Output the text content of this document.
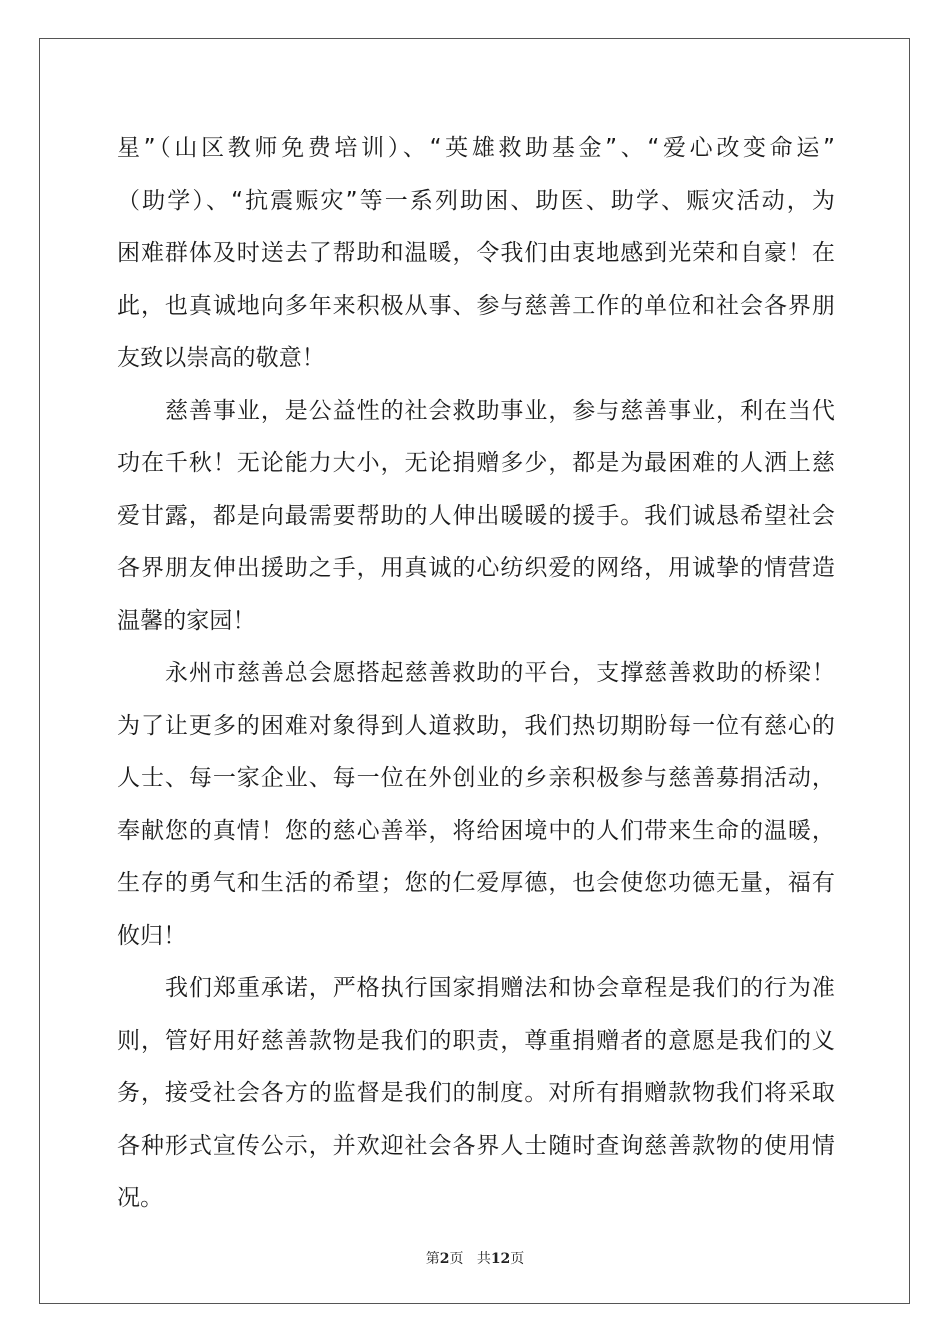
星”（山区教师免费培训）、“英雄救助基金”、“爱心改变命运”
（助学）、“抗震赈灾”等一系列助困、助医、助学、赈灾活动，为
困难群体及时送去了帮助和温暖，令我们由衷地感到光荣和自豪！在
此，也真诚地向多年来积极从事、参与慈善工作的单位和社会各界朋
友致以崇高的敬意！
慈善事业，是公益性的社会救助事业，参与慈善事业，利在当代
功在千秋！无论能力大小，无论捐赠多少，都是为最困难的人洒上慈
爱甘露，都是向最需要帮助的人伸出暖暖的援手。我们诚恳希望社会
各界朋友伸出援助之手，用真诚的心纺织爱的网络，用诚挚的情营造
温馨的家园！
永州市慈善总会愿搭起慈善救助的平台，支撑慈善救助的桥梁！
为了让更多的困难对象得到人道救助，我们热切期盼每一位有慈心的
人士、每一家企业、每一位在外创业的乡亲积极参与慈善募捐活动，
奉献您的真情！您的慈心善举，将给困境中的人们带来生命的温暖，
生存的勇气和生活的希望；您的仁爱厚德，也会使您功德无量，福有
攸归！
我们郑重承诺，严格执行国家捐赠法和协会章程是我们的行为准
则，管好用好慈善款物是我们的职责，尊重捐赠者的意愿是我们的义
务，接受社会各方的监督是我们的制度。对所有捐赠款物我们将采取
各种形式宣传公示，并欢迎社会各界人士随时查询慈善款物的使用情
况。
第2页 共12页
